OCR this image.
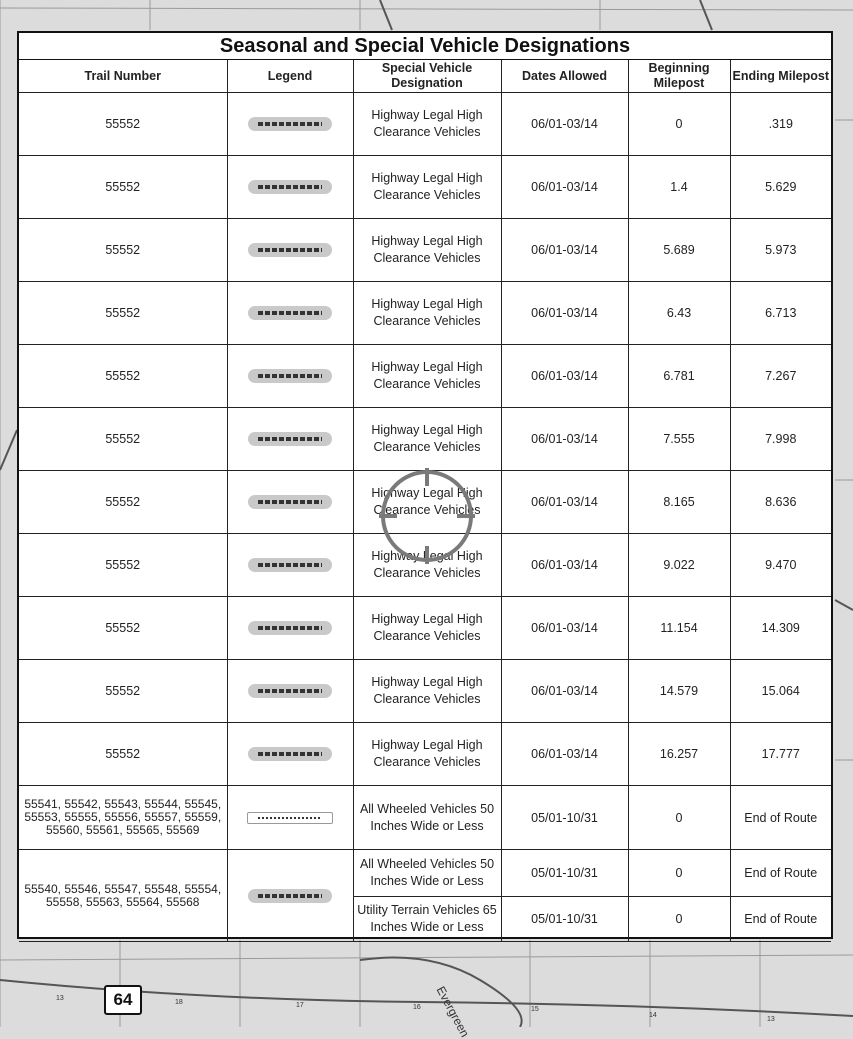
Seasonal and Special Vehicle Designations
Trail Number	Legend	Special Vehicle Designation	Dates Allowed	Beginning Milepost	Ending Milepost
55552		Highway Legal High Clearance Vehicles	06/01-03/14	0	.319
55552		Highway Legal High Clearance Vehicles	06/01-03/14	1.4	5.629
55552		Highway Legal High Clearance Vehicles	06/01-03/14	5.689	5.973
55552		Highway Legal High Clearance Vehicles	06/01-03/14	6.43	6.713
55552		Highway Legal High Clearance Vehicles	06/01-03/14	6.781	7.267
55552		Highway Legal High Clearance Vehicles	06/01-03/14	7.555	7.998
55552		Highway Legal High Clearance Vehicles	06/01-03/14	8.165	8.636
55552		Highway Legal High Clearance Vehicles	06/01-03/14	9.022	9.470
55552		Highway Legal High Clearance Vehicles	06/01-03/14	11.154	14.309
55552		Highway Legal High Clearance Vehicles	06/01-03/14	14.579	15.064
55552		Highway Legal High Clearance Vehicles	06/01-03/14	16.257	17.777
55541, 55542, 55543, 55544, 55545, 55553, 55555, 55556, 55557, 55559, 55560, 55561, 55565, 55569		All Wheeled Vehicles 50 Inches Wide or Less	05/01-10/31	0	End of Route
55540, 55546, 55547, 55548, 55554, 55558, 55563, 55564, 55568		All Wheeled Vehicles 50 Inches Wide or Less	05/01-10/31	0	End of Route
		Utility Terrain Vehicles 65 Inches Wide or Less	05/01-10/31	0	End of Route
64	Evergreen
13
18	17	16	15
14
13
